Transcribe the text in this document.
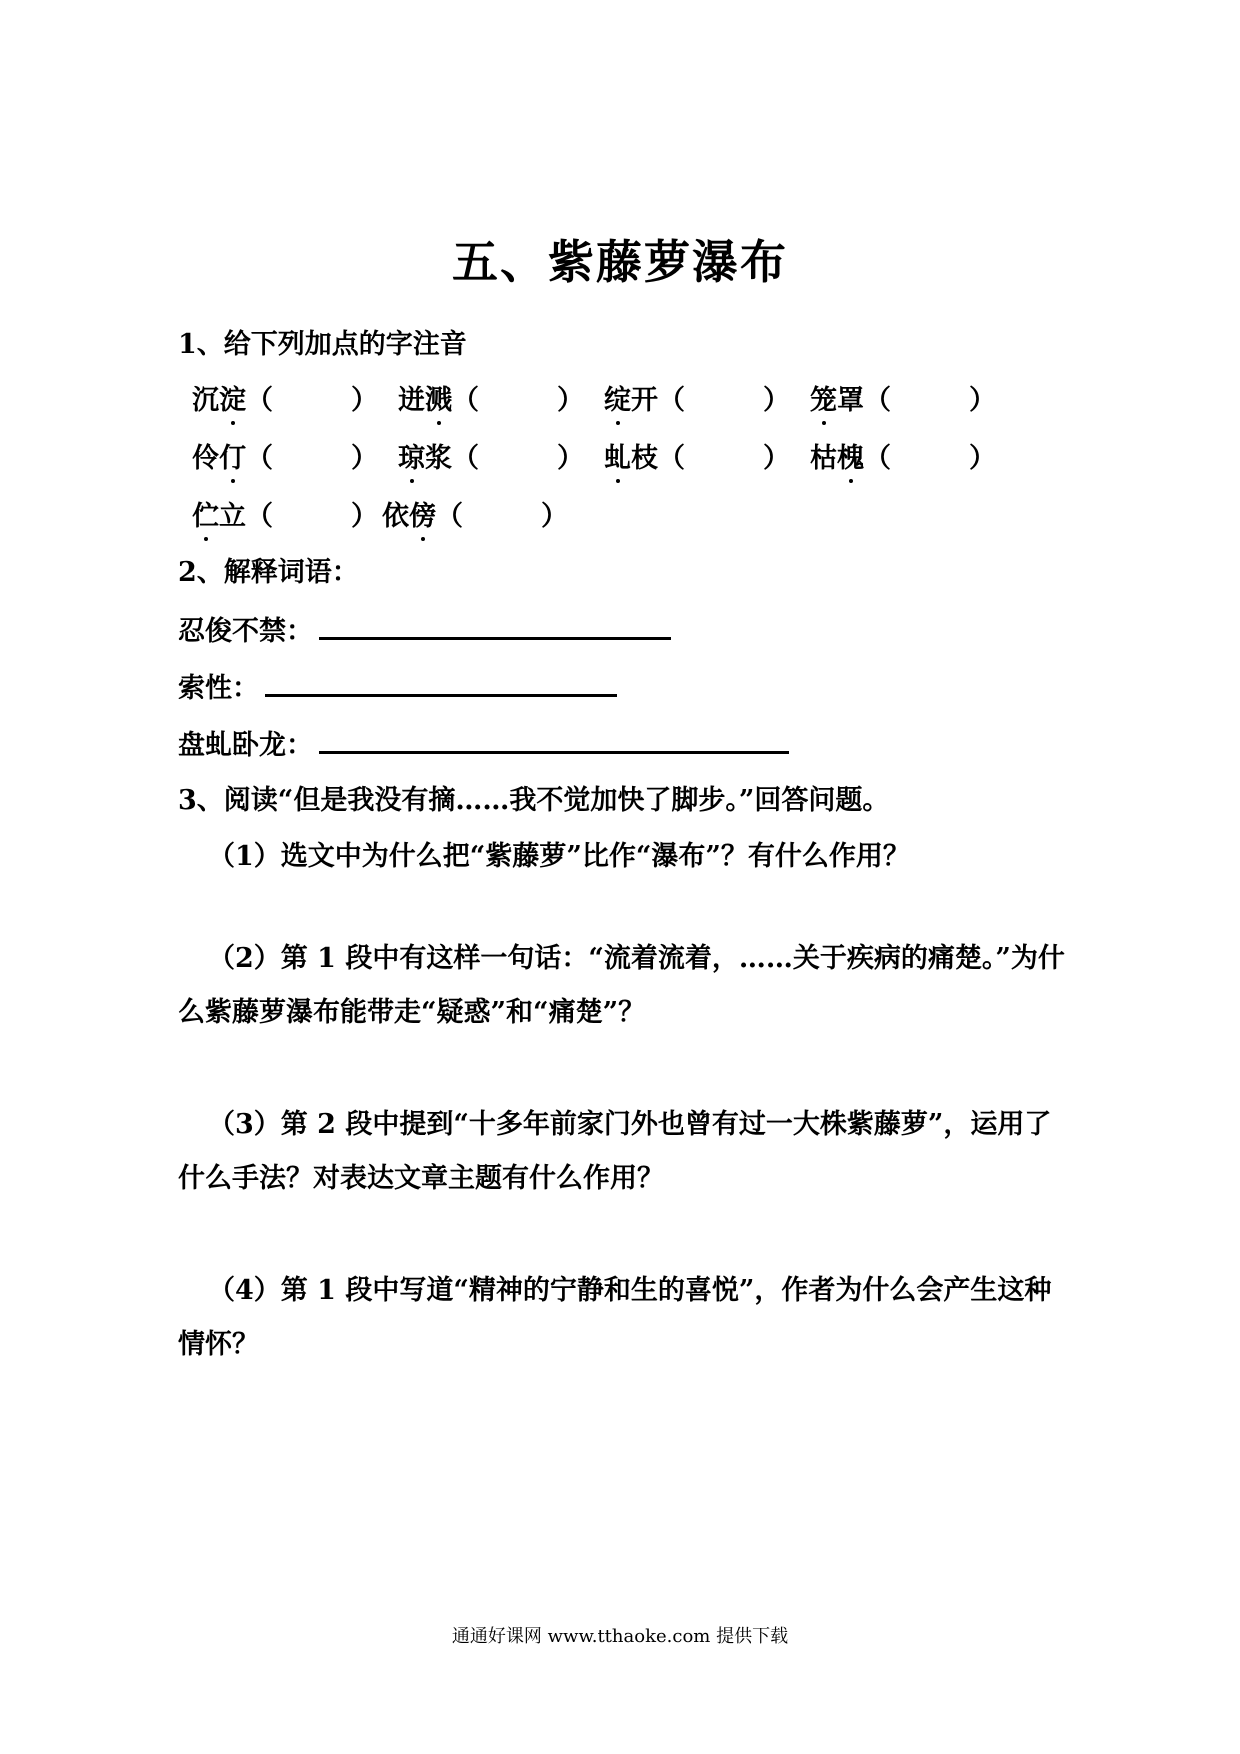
五、紫藤萝瀑布
1、给下列加点的字注音
沉淀（	） 迸溅（	） 绽开（	） 笼罩（	）
伶仃（	） 琼浆（	） 虬枝（	） 枯槐（	）
伫立（	） 依傍（	）
2、解释词语：
忍俊不禁：
索性：
盘虬卧龙：
3、阅读“但是我没有摘……我不觉加快了脚步。”回答问题。
（1）选文中为什么把“紫藤萝”比作“瀑布”？有什么作用？
（2）第 1 段中有这样一句话：“流着流着，……关于疾病的痛楚。”为什么紫藤萝瀑布能带走“疑惑”和“痛楚”？
（3）第 2 段中提到“十多年前家门外也曾有过一大株紫藤萝”，运用了什么手法？对表达文章主题有什么作用？
（4）第 1 段中写道“精神的宁静和生的喜悦”，作者为什么会产生这种情怀？
通通好课网 www.tthaoke.com 提供下载
